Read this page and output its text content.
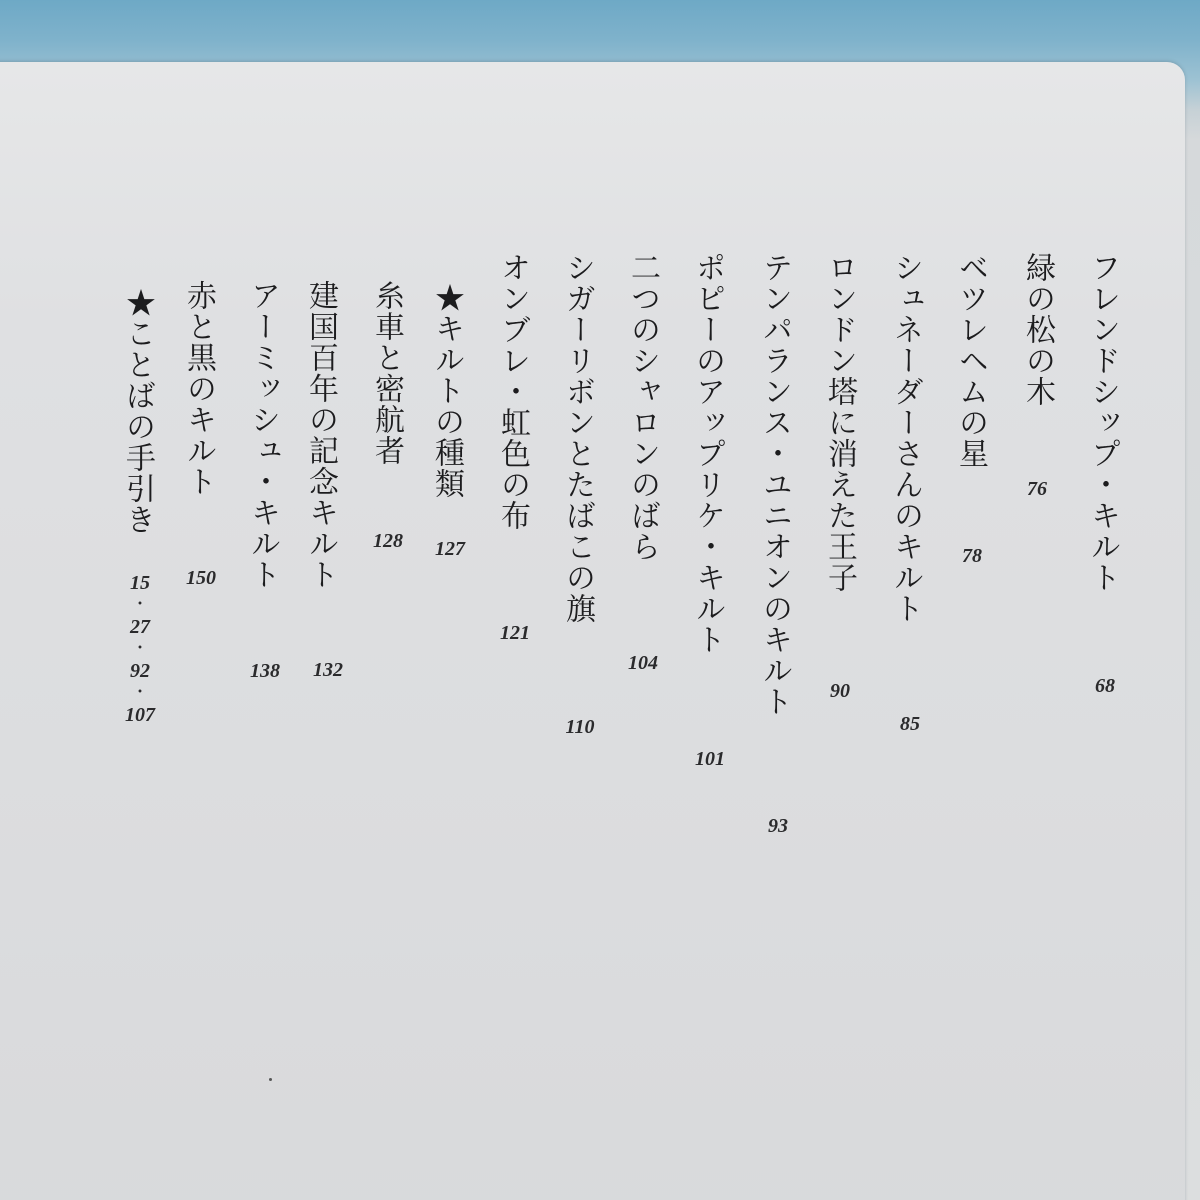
フレンドシップ・キルト
68
緑の松の木
76
ベツレヘムの星
78
シュネーダーさんのキルト
85
ロンドン塔に消えた王子
90
テンパランス・ユニオンのキルト
93
ポピーのアップリケ・キルト
101
二つのシャロンのばら
104
シガーリボンとたばこの旗
110
オンブレ・虹色の布
121
★キルトの種類
127
糸車と密航者
128
建国百年の記念キルト
132
アーミッシュ・キルト
138
赤と黒のキルト
150
★ことばの手引き
15
・
27
・
92
・
107
